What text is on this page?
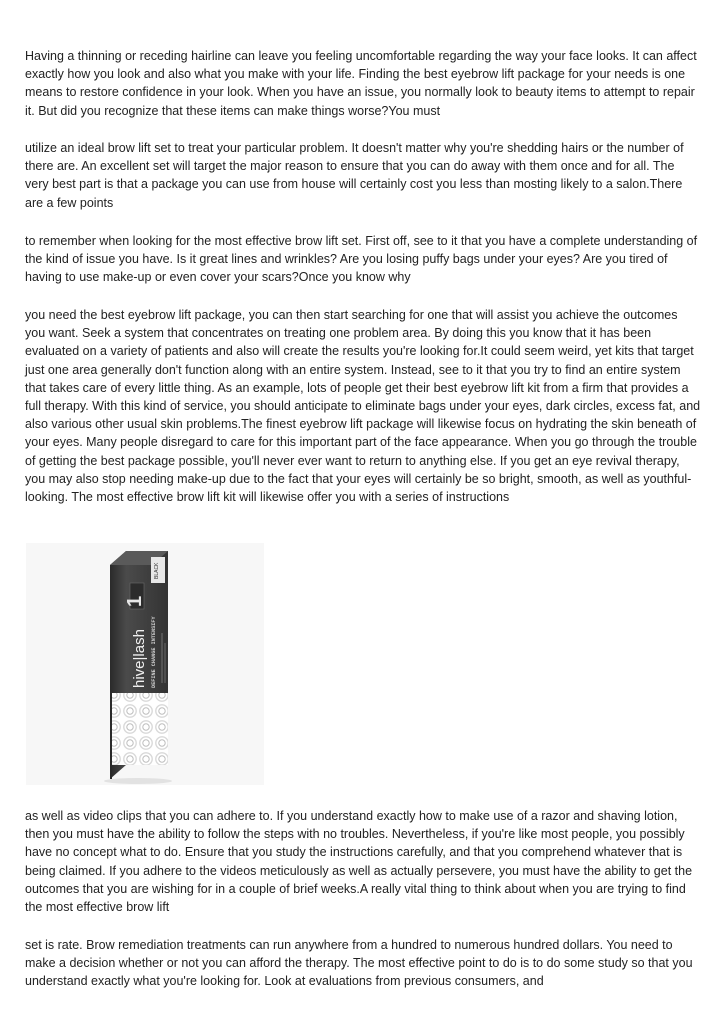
Having a thinning or receding hairline can leave you feeling uncomfortable regarding the way your face looks. It can affect exactly how you look and also what you make with your life. Finding the best eyebrow lift package for your needs is one means to restore confidence in your look. When you have an issue, you normally look to beauty items to attempt to repair it. But did you recognize that these items can make things worse?You must

utilize an ideal brow lift set to treat your particular problem. It doesn't matter why you're shedding hairs or the number of there are. An excellent set will target the major reason to ensure that you can do away with them once and for all. The very best part is that a package you can use from house will certainly cost you less than mosting likely to a salon.There are a few points

to remember when looking for the most effective brow lift set. First off, see to it that you have a complete understanding of the kind of issue you have. Is it great lines and wrinkles? Are you losing puffy bags under your eyes? Are you tired of having to use make-up or even cover your scars?Once you know why

you need the best eyebrow lift package, you can then start searching for one that will assist you achieve the outcomes you want. Seek a system that concentrates on treating one problem area. By doing this you know that it has been evaluated on a variety of patients and also will create the results you're looking for.It could seem weird, yet kits that target just one area generally don't function along with an entire system. Instead, see to it that you try to find an entire system that takes care of every little thing. As an example, lots of people get their best eyebrow lift kit from a firm that provides a full therapy. With this kind of service, you should anticipate to eliminate bags under your eyes, dark circles, excess fat, and also various other usual skin problems.The finest eyebrow lift package will likewise focus on hydrating the skin beneath of your eyes. Many people disregard to care for this important part of the face appearance. When you go through the trouble of getting the best package possible, you'll never ever want to return to anything else. If you get an eye revival therapy, you may also stop needing make-up due to the fact that your eyes will certainly be so bright, smooth, as well as youthful-looking. The most effective brow lift kit will likewise offer you with a series of instructions

BLACK
1
hive|lash DEFINE CHANGE INTENSIFY

as well as video clips that you can adhere to. If you understand exactly how to make use of a razor and shaving lotion, then you must have the ability to follow the steps with no troubles. Nevertheless, if you're like most people, you possibly have no concept what to do. Ensure that you study the instructions carefully, and that you comprehend whatever that is being claimed. If you adhere to the videos meticulously as well as actually persevere, you must have the ability to get the outcomes that you are wishing for in a couple of brief weeks.A really vital thing to think about when you are trying to find the most effective brow lift

set is rate. Brow remediation treatments can run anywhere from a hundred to numerous hundred dollars. You need to make a decision whether or not you can afford the therapy. The most effective point to do is to do some study so that you understand exactly what you're looking for. Look at evaluations from previous consumers, and
